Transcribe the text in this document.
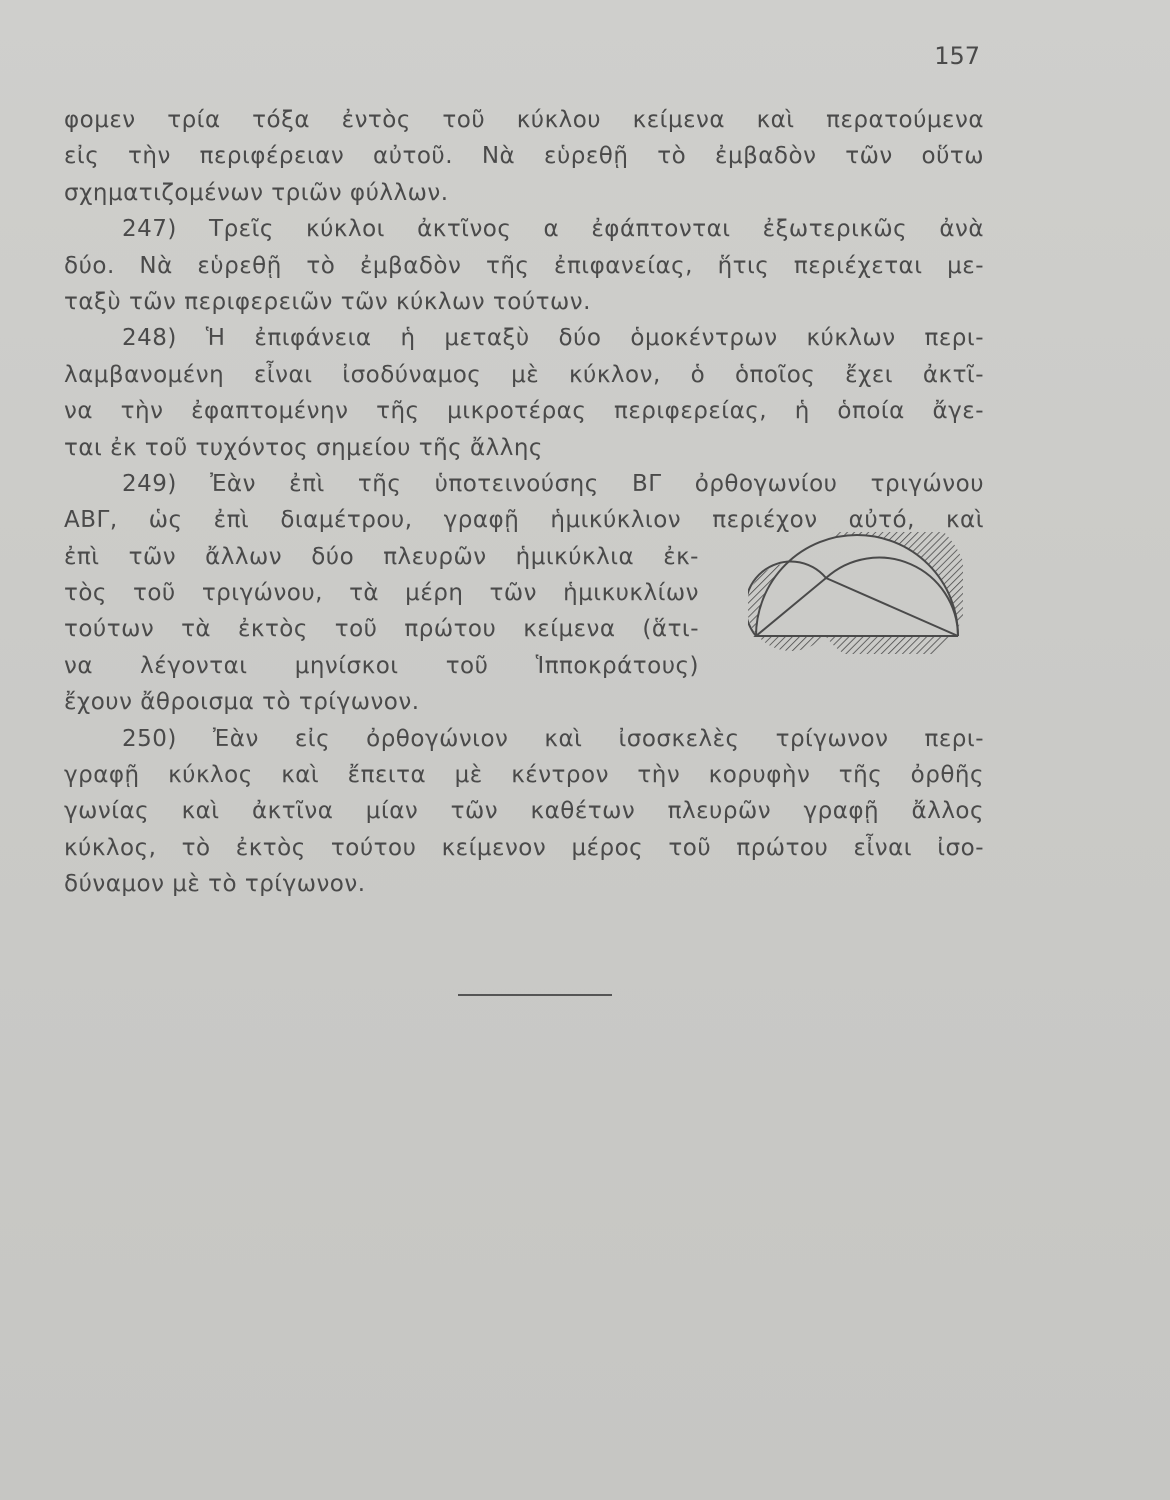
157
φομεν τρία τόξα ἐντὸς τοῦ κύκλου κείμενα καὶ περατούμενα
εἰς τὴν περιφέρειαν αὐτοῦ. Νὰ εὑρεθῇ τὸ ἐμβαδὸν τῶν οὕτω
σχηματιζομένων τριῶν φύλλων.
247) Τρεῖς κύκλοι ἀκτῖνος α ἐφάπτονται ἐξωτερικῶς ἀνὰ
δύο. Νὰ εὑρεθῇ τὸ ἐμβαδὸν τῆς ἐπιφανείας, ἥτις περιέχεται με-
ταξὺ τῶν περιφερειῶν τῶν κύκλων τούτων.
248) Ἡ ἐπιφάνεια ἡ μεταξὺ δύο ὁμοκέντρων κύκλων περι-
λαμβανομένη εἶναι ἰσοδύναμος μὲ κύκλον, ὁ ὁποῖος ἔχει ἀκτῖ-
να τὴν ἐφαπτομένην τῆς μικροτέρας περιφερείας, ἡ ὁποία ἄγε-
ται ἐκ τοῦ τυχόντος σημείου τῆς ἄλλης
249) Ἐὰν ἐπὶ τῆς ὑποτεινούσης ΒΓ ὀρθογωνίου τριγώνου
ΑΒΓ, ὡς ἐπὶ διαμέτρου, γραφῇ ἡμικύκλιον περιέχον αὐτό, καὶ
ἐπὶ τῶν ἄλλων δύο πλευρῶν ἡμικύκλια ἐκ-
τὸς τοῦ τριγώνου, τὰ μέρη τῶν ἡμικυκλίων
τούτων τὰ ἐκτὸς τοῦ πρώτου κείμενα (ἅτι-
να λέγονται μηνίσκοι τοῦ Ἱπποκράτους)
ἔχουν ἄθροισμα τὸ τρίγωνον.
250) Ἐὰν εἰς ὀρθογώνιον καὶ ἰσοσκελὲς τρίγωνον περι-
γραφῇ κύκλος καὶ ἔπειτα μὲ κέντρον τὴν κορυφὴν τῆς ὀρθῆς
γωνίας καὶ ἀκτῖνα μίαν τῶν καθέτων πλευρῶν γραφῇ ἄλλος
κύκλος, τὸ ἐκτὸς τούτου κείμενον μέρος τοῦ πρώτου εἶναι ἰσο-
δύναμον μὲ τὸ τρίγωνον.
